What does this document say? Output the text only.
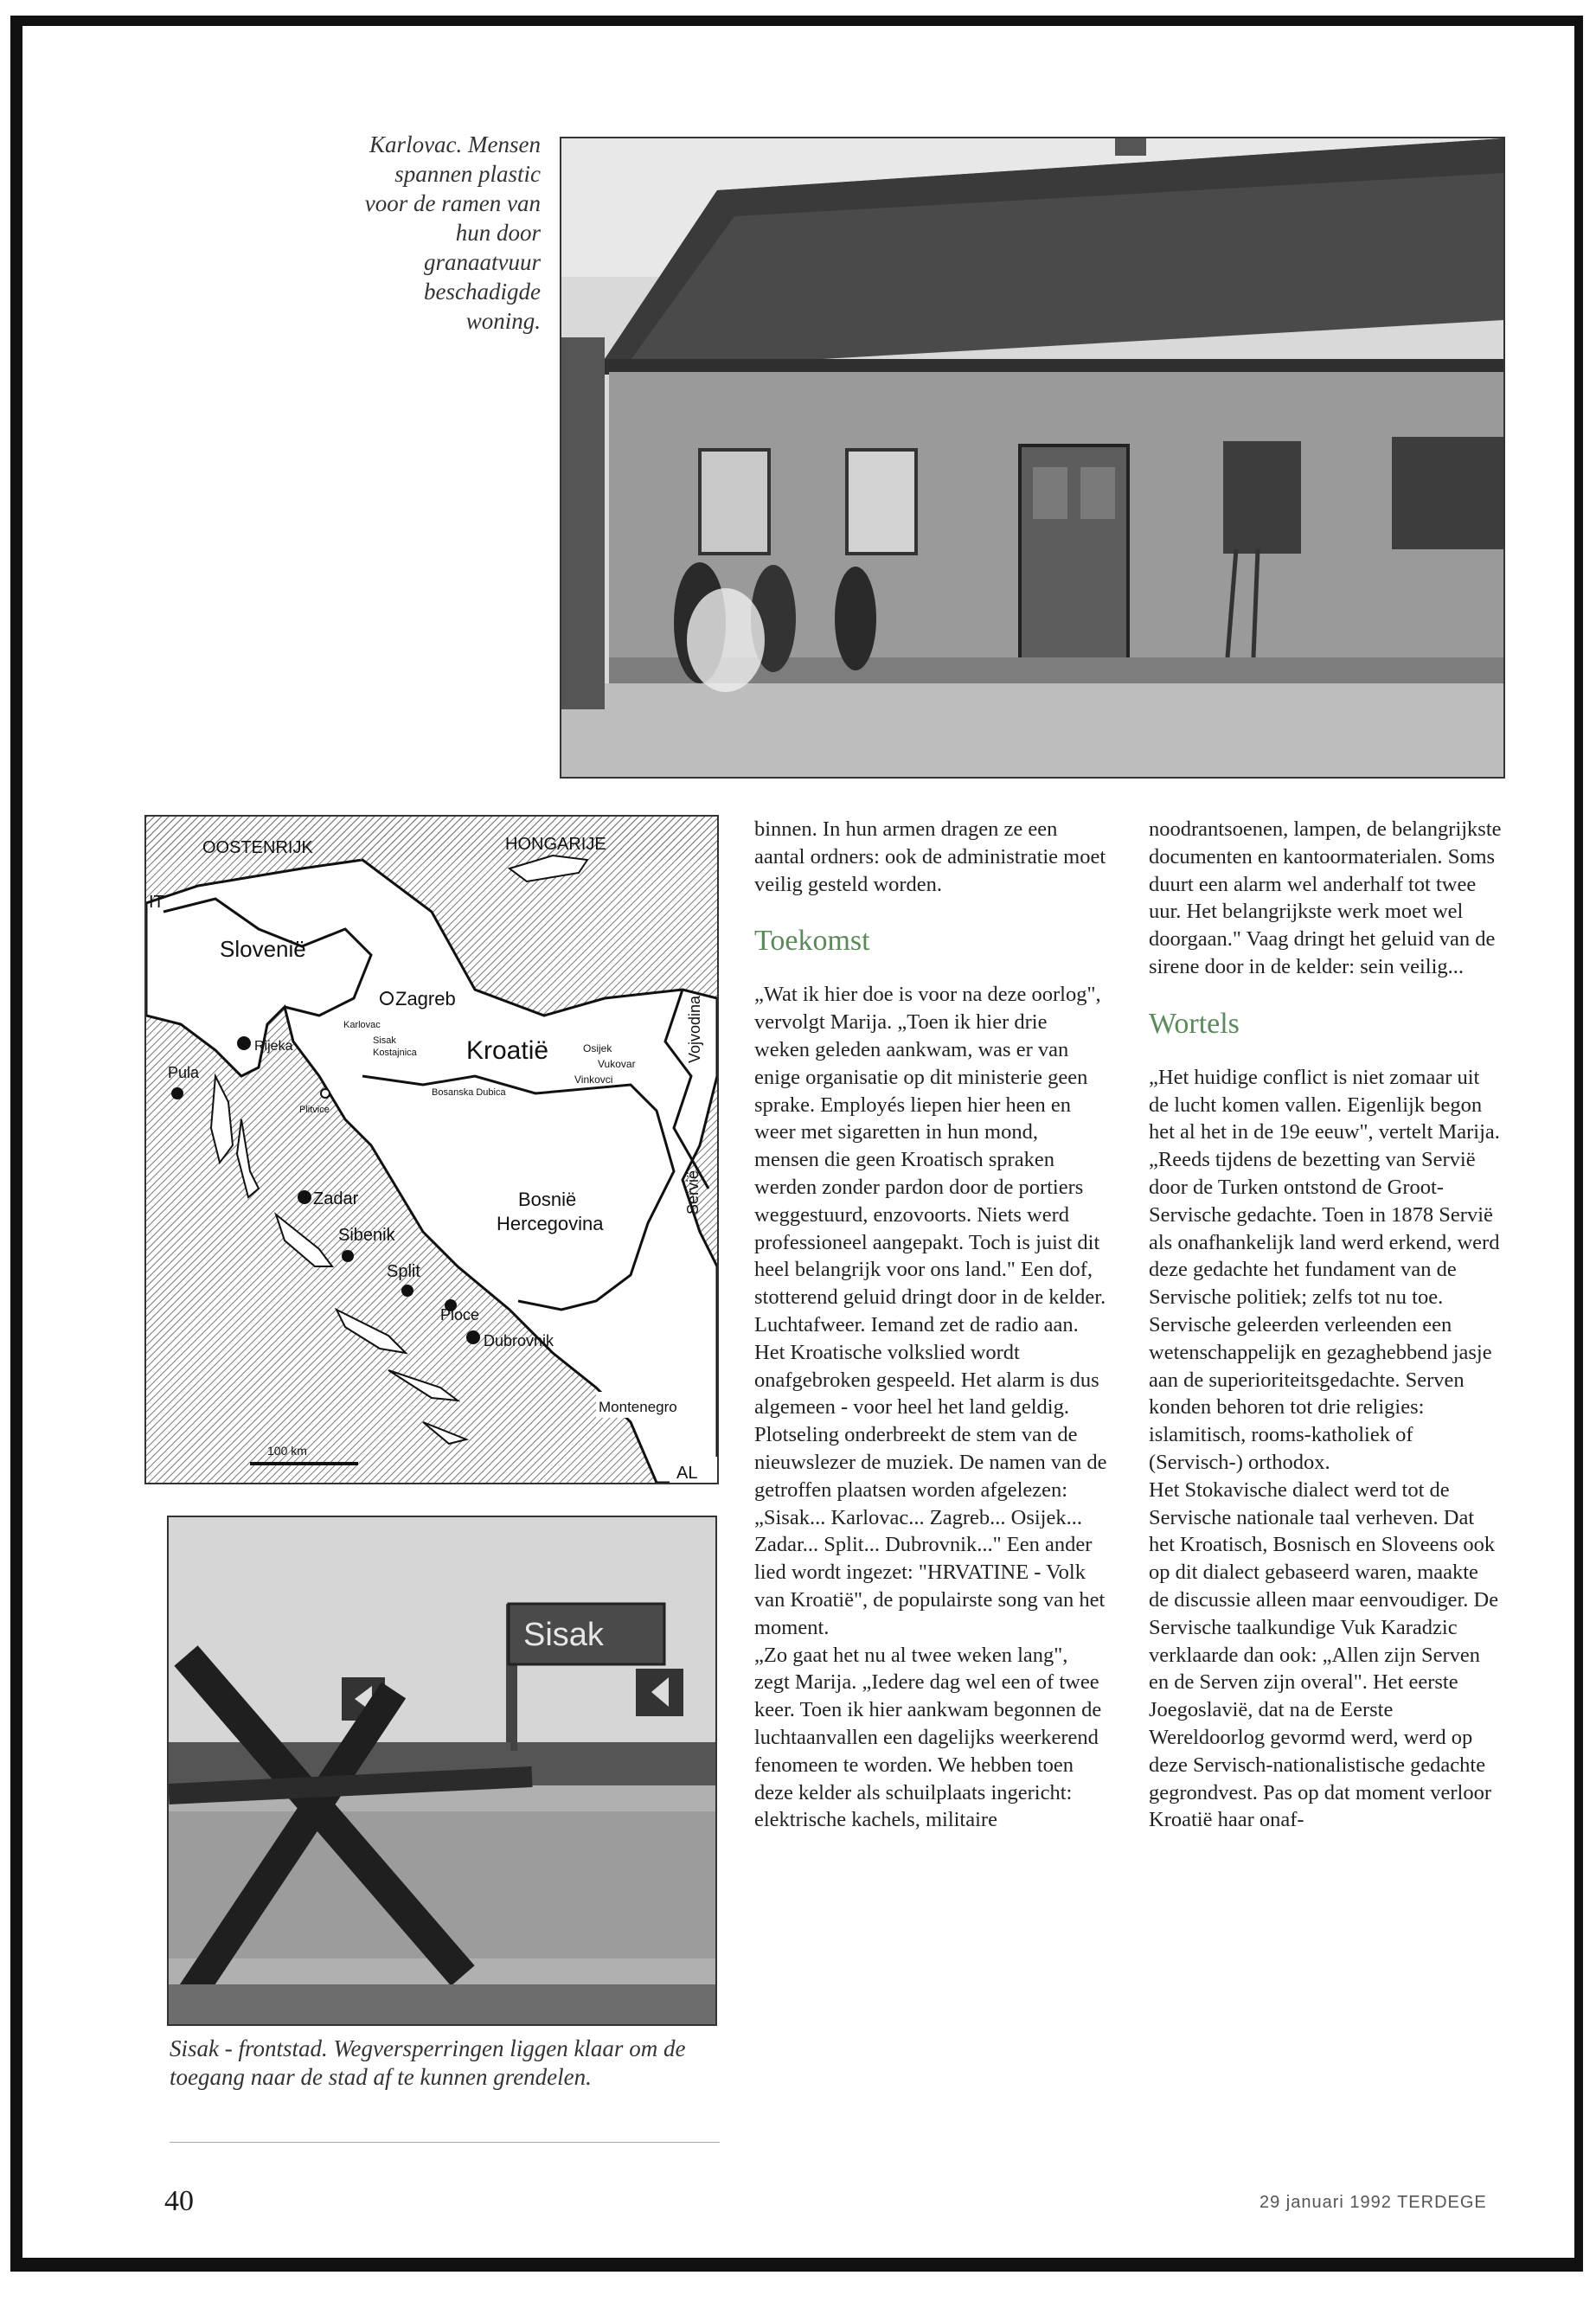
Karlovac. Mensen spannen plastic voor de ramen van hun door granaatvuur beschadigde woning.
OOSTENRIJK	HONGARIJE
IT
Slovenië
Zagreb
Karlovac
Sisak
Kostajnica Kroatië	Osijek
Vukovar
Vinkovci
Vojvodina
Rijeka
Pula
Bosanska Dubica
Plitvice
Bosnië
Hercegovina
Servië
Zadar
Sibenik
Split
Ploce
Dubrovnik
Montenegro
100 km
AL
Sisak
Sisak - frontstad. Wegversperringen liggen klaar om de toegang naar de stad af te kunnen grendelen.

binnen. In hun armen dragen ze een aantal ordners: ook de administratie moet veilig gesteld worden.

Toekomst

„Wat ik hier doe is voor na deze oorlog", vervolgt Marija. „Toen ik hier drie weken geleden aankwam, was er van enige organisatie op dit ministerie geen sprake. Employés liepen hier heen en weer met sigaretten in hun mond, mensen die geen Kroatisch spraken werden zonder pardon door de portiers weggestuurd, enzovoorts. Niets werd professioneel aangepakt. Toch is juist dit heel belangrijk voor ons land." Een dof, stotterend geluid dringt door in de kelder. Luchtafweer. Iemand zet de radio aan. Het Kroatische volkslied wordt onafgebroken gespeeld. Het alarm is dus algemeen - voor heel het land geldig. Plotseling onderbreekt de stem van de nieuwslezer de muziek. De namen van de getroffen plaatsen worden afgelezen: „Sisak... Karlovac... Zagreb... Osijek... Zadar... Split... Dubrovnik..." Een ander lied wordt ingezet: "HRVATINE - Volk van Kroatië", de populairste song van het moment.

„Zo gaat het nu al twee weken lang", zegt Marija. „Iedere dag wel een of twee keer. Toen ik hier aankwam begonnen de luchtaanvallen een dagelijks weerkerend fenomeen te worden. We hebben toen deze kelder als schuilplaats ingericht: elektrische kachels, militaire

noodrantsoenen, lampen, de belangrijkste documenten en kantoormaterialen. Soms duurt een alarm wel anderhalf tot twee uur. Het belangrijkste werk moet wel doorgaan." Vaag dringt het geluid van de sirene door in de kelder: sein veilig...

Wortels

„Het huidige conflict is niet zomaar uit de lucht komen vallen. Eigenlijk begon het al het in de 19e eeuw", vertelt Marija. „Reeds tijdens de bezetting van Servië door de Turken ontstond de Groot-Servische gedachte. Toen in 1878 Servië als onafhankelijk land werd erkend, werd deze gedachte het fundament van de Servische politiek; zelfs tot nu toe. Servische geleerden verleenden een wetenschappelijk en gezaghebbend jasje aan de superioriteitsgedachte. Serven konden behoren tot drie religies: islamitisch, rooms-katholiek of (Servisch-) orthodox.

Het Stokavische dialect werd tot de Servische nationale taal verheven. Dat het Kroatisch, Bosnisch en Sloveens ook op dit dialect gebaseerd waren, maakte de discussie alleen maar eenvoudiger. De Servische taalkundige Vuk Karadzic verklaarde dan ook: „Allen zijn Serven en de Serven zijn overal". Het eerste Joegoslavië, dat na de Eerste Wereldoorlog gevormd werd, werd op deze Servisch-nationalistische gedachte gegrondvest. Pas op dat moment verloor Kroatië haar onaf-

40	29 januari 1992 TERDEGE
